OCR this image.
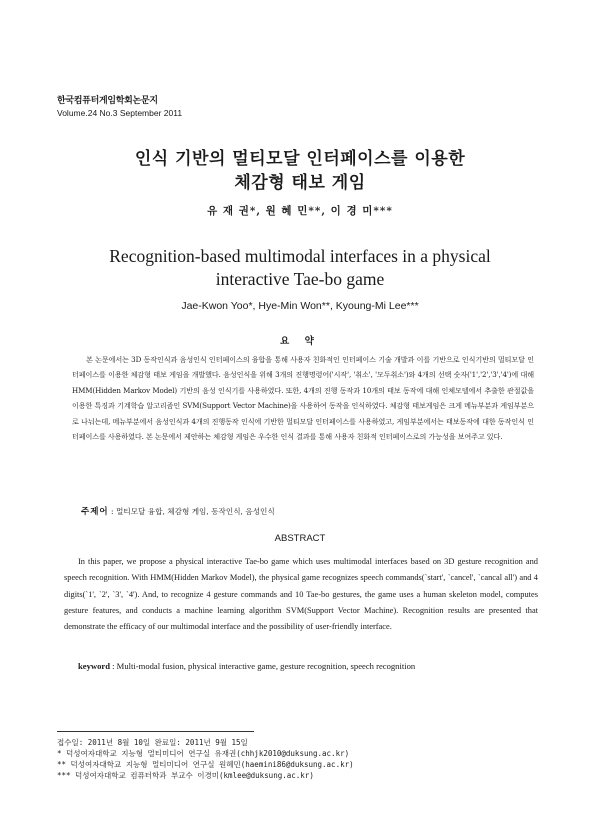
한국컴퓨터게임학회논문지
Volume.24 No.3 September 2011
인식 기반의 멀티모달 인터페이스를 이용한
체감형 태보 게임
유 재 권*, 원 혜 민**, 이 경 미***
Recognition-based multimodal interfaces in a physical
interactive Tae-bo game
Jae-Kwon Yoo*, Hye-Min Won**, Kyoung-Mi Lee***
요 약
본 논문에서는 3D 동작인식과 음성인식 인터페이스의 융합을 통해 사용자 친화적인 인터페이스 기술 개발과 이를 기반으로 인식기반의 멀티모달 인터페이스를 이용한 체감형 태보 게임을 개발했다. 음성인식을 위해 3개의 진행명령어('시작', '취소', '모두취소')와 4개의 선택 숫자('1','2','3','4')에 대해 HMM(Hidden Markov Model) 기반의 음성 인식기를 사용하였다. 또한, 4개의 진행 동작과 10개의 태보 동작에 대해 인체모델에서 추출한 관절값을 이용한 특징과 기계학습 알고리즘인 SVM(Support Vector Machine)을 사용하여 동작을 인식하였다. 체감형 태보게임은 크게 메뉴부분과 게임부분으로 나눠는데, 메뉴부분에서 음성인식과 4개의 진행동작 인식에 기반한 멀티모달 인터페이스를 사용하였고, 게임부분에서는 태보동작에 대한 동작인식 인터페이스를 사용하였다. 본 논문에서 제안하는 체감형 게임은 우수한 인식 결과를 통해 사용자 친화적 인터페이스로의 가능성을 보여주고 있다.
주제어 : 멀티모달 융합, 체감형 게임, 동작인식, 음성인식
ABSTRACT
In this paper, we propose a physical interactive Tae-bo game which uses multimodal interfaces based on 3D gesture recognition and speech recognition. With HMM(Hidden Markov Model), the physical game recognizes speech commands(`start', `cancel', `cancal all') and 4 digits(`1', `2', `3', `4'). And, to recognize 4 gesture commands and 10 Tae-bo gestures, the game uses a human skeleton model, computes gesture features, and conducts a machine learning algorithm SVM(Support Vector Machine). Recognition results are presented that demonstrate the efficacy of our multimodal interface and the possibility of user-friendly interface.
keyword : Multi-modal fusion, physical interactive game, gesture recognition, speech recognition
접수일: 2011년 8월 10일 완료일: 2011년 9월 15일
* 덕성여자대학교 지능형 멀티미디어 연구실 유재권(chhjk2010@duksung.ac.kr)
** 덕성여자대학교 지능형 멀티미디어 연구실 원혜민(haemini86@duksung.ac.kr)
*** 덕성여자대학교 컴퓨터학과 부교수 이경미(kmlee@duksung.ac.kr)
